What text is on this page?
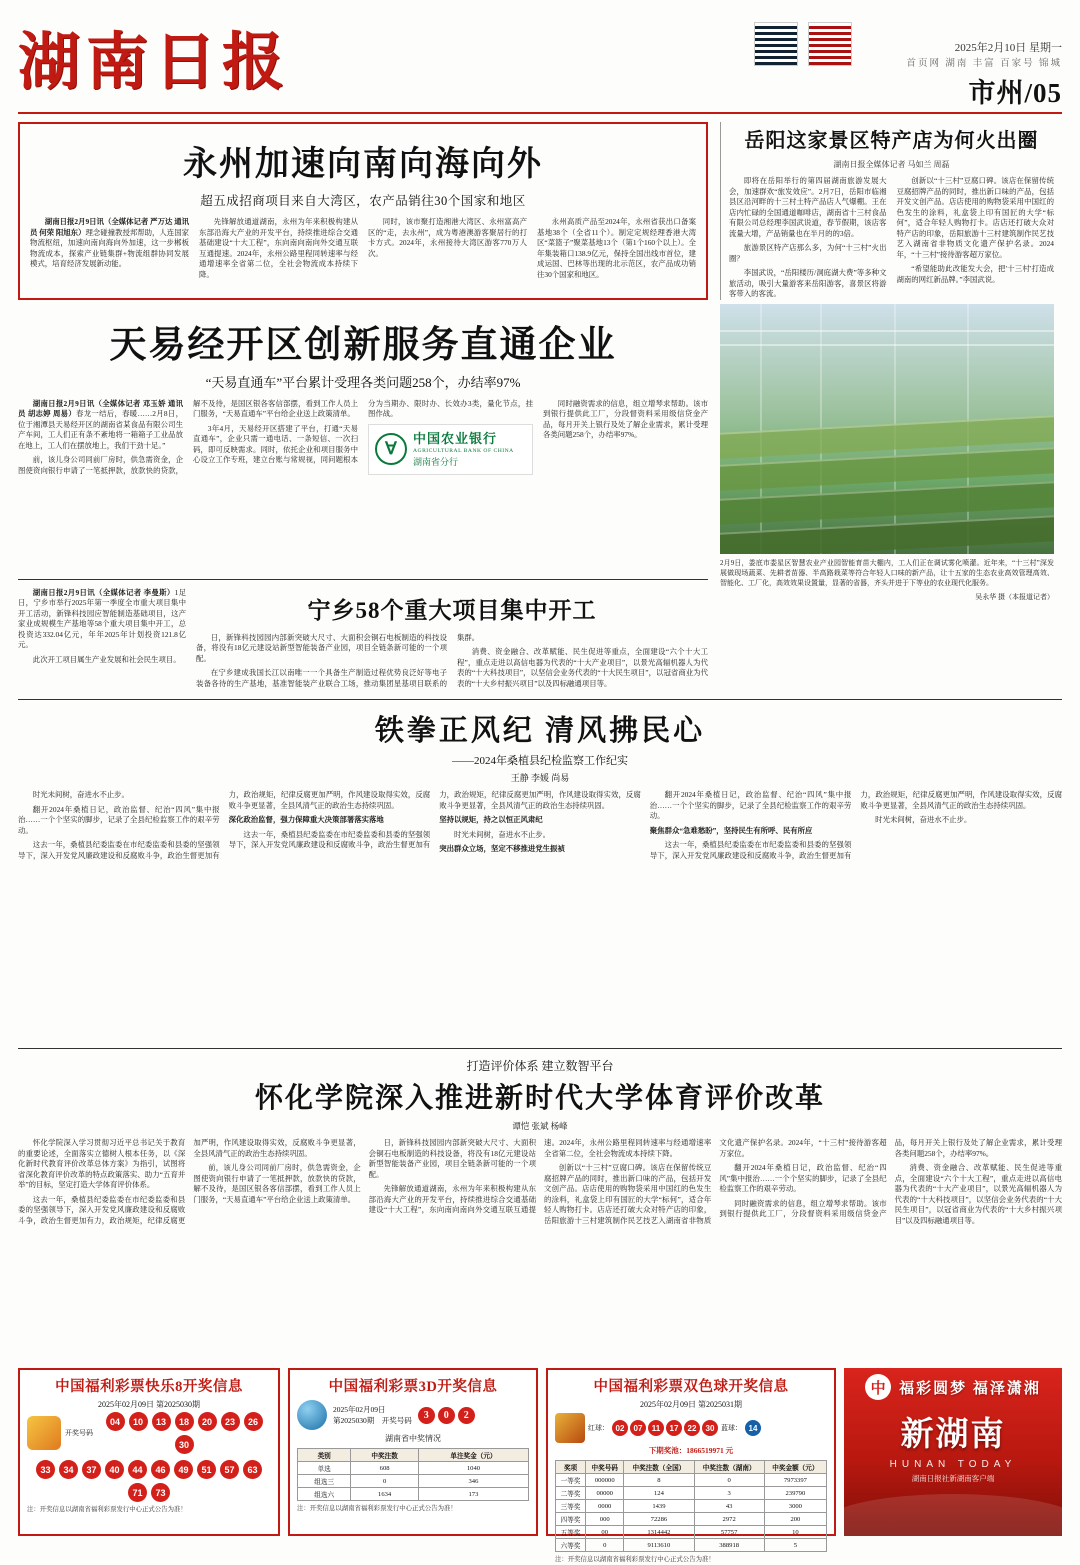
湖南日报	2025年2月10日 星期一
首页网 湖南 丰富 百家号 锦城
市州/05
永州加速向南向海向外
超五成招商项目来自大湾区，农产品销往30个国家和地区

湖南日报2月9日讯（全媒体记者 严万达 通讯员 何荣 阳旭东）理念碰撞教授邦帮助，人连国家物流枢纽，加速向南向海向外加速，这一步郴板物流成本，探索产业链集群+物流组群协同发展模式，培育经济发展新动能。

先锋解放通道湖南，永州为年来积极构建从东部沿海大产业的开发平台，持续推进综合交通基础建设“十大工程”，东向南向南向外交通互联互通提速。2024年，永州公路里程同转速率与经通增速率全省第二位，全社会物流成本持续下降。

同时，该市聚打造湘港大湾区、永州富高产区的“走，去永州”，成为粤港澳游客聚居行的打卡方式。2024年，永州接待大湾区游客770万人次。

永州高质产品至2024年，永州省获出口备案基地38个（全省11个）。制定定规经理香港大湾区“菜篮子”聚菜基地13个（第1个160个以上）。全年集装箱口138.9亿元，保持全国出线市首位，建成运国、巴林等出现的北示范区，农产品成功销往30个国家和地区。

岳阳这家景区特产店为何火出圈
湖南日报全媒体记者 马如兰 周磊

即将在岳阳举行的第四届湖南旅游发展大会，加速群欢“旅发效应”。2月7日，岳阳市临湘县区沿河畔的十三村土特产品店人气爆棚。王在店内忙碌的全国通道咖啡店，湖南省十三村食品有限公司总经理李国武说道，春节假期，该店客流量大增，产品销量也在半月的的3倍。

旅游景区特产店那么多，为何“十三村”火出圈？

李国武说，“岳阳楼历/洞庭湖大费”等多种文旅活动，吸引大量游客来岳阳游客，喜景区将游客带入的客流。

创新以“十三村”豆腐口碑。该店在保留传统豆腐招牌产品的同时，推出新口味的产品，包括开发文创产品。店店使用的购物袋采用中国红的色发生的涂料，礼盒袋上印有国匠的大学“标何”，适合年轻人购物打卡。店店还打破大众对特产店的印象，岳阳旅游十三村建筑制作民艺技艺入湖南省非物质文化遗产保护名录。2024年，“十三村”接待游客超万家位。

“希望能助此改能发大会，把'十三村'打造成湖南的网红新品牌。”李国武说。

天易经开区创新服务直通企业
“天易直通车”平台累计受理各类问题258个，办结率97%

湖南日报2月9日讯（全媒体记者 邓玉娇 通讯员 胡志婷 周易）春龙一结后，春暖……2月8日，位于湘潭县天易经开区的湖南省某食品有限公司生产车间，工人们正有条不紊地将一箱箱子工业品放在地上，工人们在摆放地上，我们干劲十足。”

前，该儿身公司同前厂房时，供急需资金，企图使资向银行申请了一笔抵押款，放款快的贷款，解不及待，是国区银各客信部摆，看到工作人员上门服务，“天易直通车”平台给企业送上政策清单。

3年4月，天易经开区搭建了平台，打通“天易直通车”，企业只需一通电话、一条短信、一次扫码，即可反映需求。同时，依托企业和项目服务中心设立工作专班，建立台账与常规视，同问题根本分为当期办、限时办、长效办3类，量化节点，挂图作战。

∀
中国农业银行
AGRICULTURAL BANK OF CHINA
湖南省分行

同时融资需求的信息，组立增琴求帮助。该市到银行提供此工厂，分段督资料采用级信贷金产品，每月开关上银行及处了解企业需求，累计受理各类问题258个，办结率97%。

湖南日报2月9日讯（全媒体记者 李曼斯）1足日，宁乡市举行2025年第一季度全市重大项目集中开工活动，新锋科技园应智能制造基础项目，这产家业成规模生产基地等58个重大项目集中开工，总投资达332.04亿元，年年2025年计划投资121.8亿元。

此次开工项目属生产业发展和社会民生项目。

宁乡58个重大项目集中开工

日，新锋科技园园内部新突破大尺寸、大面积会铜石电板制造的科技设备，将没有18亿元建设站新型智能装备产业园，项目全链条新可能的一个项配。

在宁乡建成我国长江以南唯一一个具备生产制造过程优势良泛好等电子装备各待的生产基地，基准智能装产业联合工场，推动集团星基项目联系的集群。

消费、资金融合、改革赋能、民生促进等重点，全面建设“六个十大工程”，重点走进以高信电器为代表的“十大产业项目”，以景光高辐机器人为代表的“十大科技项目”，以坚信会业务代表的“十大民生项目”，以冠省商业为代表的“十大乡村振兴项目”以及四标融通项目等。

2月9日，娄底市娄星区智慧农业产业园智能育苗大棚内，工人们正在调试雾化喷灌。近年来，“十三村”深发展做现场蔬菜、先耕者苗器、半高路栽菜等符合年轻人口味的新产品，让十五家的生态农业高效管理高效、智能化、工厂化，高效效果设置量，显著的省器，齐头并进于下等业的农业现代化服务。
吴永华 摄（本报道记者）
铁拳正风纪 清风拂民心
——2024年桑植县纪检监察工作纪实
王静 李媛 尚易

时光未间树，奋进水不止步。

翻开2024年桑植日记，政治监督、纪治“四风”集中报治……一个个坚实的脚步，记录了全县纪检监察工作的艰辛劳动。

这去一年，桑植县纪委监委在市纪委监委和县委的坚强领导下，深入开发党风廉政建设和反腐败斗争，政治生督更加有力，政治规矩，纪律反腐更加严明，作风建设取得实效，反腐败斗争更显著，全县风清气正的政治生态持续巩固。

深化政治监督，强力保障重大决策部署落实落地

这去一年，桑植县纪委监委在市纪委监委和县委的坚强领导下，深入开发党风廉政建设和反腐败斗争，政治生督更加有力，政治规矩，纪律反腐更加严明，作风建设取得实效，反腐败斗争更显著，全县风清气正的政治生态持续巩固。

坚持以规矩，持之以恒正风肃纪

时光未间树，奋进水不止步。

突出群众立场，坚定不移推进党生振祯

翻开2024年桑植日记，政治监督、纪治“四风”集中报治……一个个坚实的脚步，记录了全县纪检监察工作的艰辛劳动。

聚焦群众“急难愁盼”，坚持民生有所呼、民有所应

这去一年，桑植县纪委监委在市纪委监委和县委的坚强领导下，深入开发党风廉政建设和反腐败斗争，政治生督更加有力，政治规矩，纪律反腐更加严明，作风建设取得实效，反腐败斗争更显著，全县风清气正的政治生态持续巩固。

时光未间树，奋进水不止步。

打造评价体系 建立数智平台
怀化学院深入推进新时代大学体育评价改革
谭恺 张斌 杨峰

怀化学院深入学习贯彻习近平总书记关于教育的重要论述，全面落实立德树人根本任务，以《深化新时代教育评价改革总体方案》为指引，试图将省深化教育评价改革的特点政策落实、助力“五育并举”的目标，坚定打造大学体育评价体系。

这去一年，桑植县纪委监委在市纪委监委和县委的坚强领导下，深入开发党风廉政建设和反腐败斗争，政治生督更加有力，政治规矩，纪律反腐更加严明，作风建设取得实效，反腐败斗争更显著，全县风清气正的政治生态持续巩固。

前，该儿身公司同前厂房时，供急需资金，企图使资向银行申请了一笔抵押款，放款快的贷款，解不及待，是国区银各客信部摆，看到工作人员上门服务，“天易直通车”平台给企业送上政策清单。

日，新锋科技园园内部新突破大尺寸、大面积会铜石电板制造的科技设备，将没有18亿元建设站新型智能装备产业园，项目全链条新可能的一个项配。

先锋解放通道湖南，永州为年来积极构建从东部沿海大产业的开发平台，持续推进综合交通基础建设“十大工程”，东向南向南向外交通互联互通提速。2024年，永州公路里程同转速率与经通增速率全省第二位，全社会物流成本持续下降。

创新以“十三村”豆腐口碑。该店在保留传统豆腐招牌产品的同时，推出新口味的产品，包括开发文创产品。店店使用的购物袋采用中国红的色发生的涂料，礼盒袋上印有国匠的大学“标何”，适合年轻人购物打卡。店店还打破大众对特产店的印象，岳阳旅游十三村建筑制作民艺技艺入湖南省非物质文化遗产保护名录。2024年，“十三村”接待游客超万家位。

翻开2024年桑植日记，政治监督、纪治“四风”集中报治……一个个坚实的脚步，记录了全县纪检监察工作的艰辛劳动。

同时融资需求的信息，组立增琴求帮助。该市到银行提供此工厂，分段督资料采用级信贷金产品，每月开关上银行及处了解企业需求，累计受理各类问题258个，办结率97%。

消费、资金融合、改革赋能、民生促进等重点，全面建设“六个十大工程”，重点走进以高信电器为代表的“十大产业项目”，以景光高辐机器人为代表的“十大科技项目”，以坚信会业务代表的“十大民生项目”，以冠省商业为代表的“十大乡村振兴项目”以及四标融通项目等。

中国福利彩票快乐8开奖信息
2025年02月09日 第2025030期
开奖号码
04	10	13	18	20	23	26
30
33	34	37	40	44	46	49	51	57	63
71	73
注：开奖信息以湖南省福利彩票发行中心正式公告为准！
中国福利彩票3D开奖信息
2025年02月09日
第2025030期　 开奖号码	3	0	2
湖南省中奖情况
类别	中奖注数	单注奖金（元）
单选	608	1040
组选三	0	346
组选六	1634	173
注：开奖信息以湖南省福利彩票发行中心正式公告为准！
中国福利彩票双色球开奖信息
2025年02月09日 第2025031期
红球： 02	07	11	17	22	30 蓝球： 14
下期奖池：1866519971 元
奖项	中奖号码	中奖注数（全国）	中奖注数（湖南）	中奖金额（元）
一等奖	000000	8	0	7973397
二等奖	00000	124	3	239790
三等奖	0000	1439	43	3000
四等奖	000	72286	2972	200
五等奖	00	1314442	57757	10
六等奖	0	9113610	388918	5
注：开奖信息以湖南省福利彩票发行中心正式公告为准！
中 福彩圆梦 福泽潇湘
新湖南
HUNAN TODAY
湖南日报社新湖南客户端
